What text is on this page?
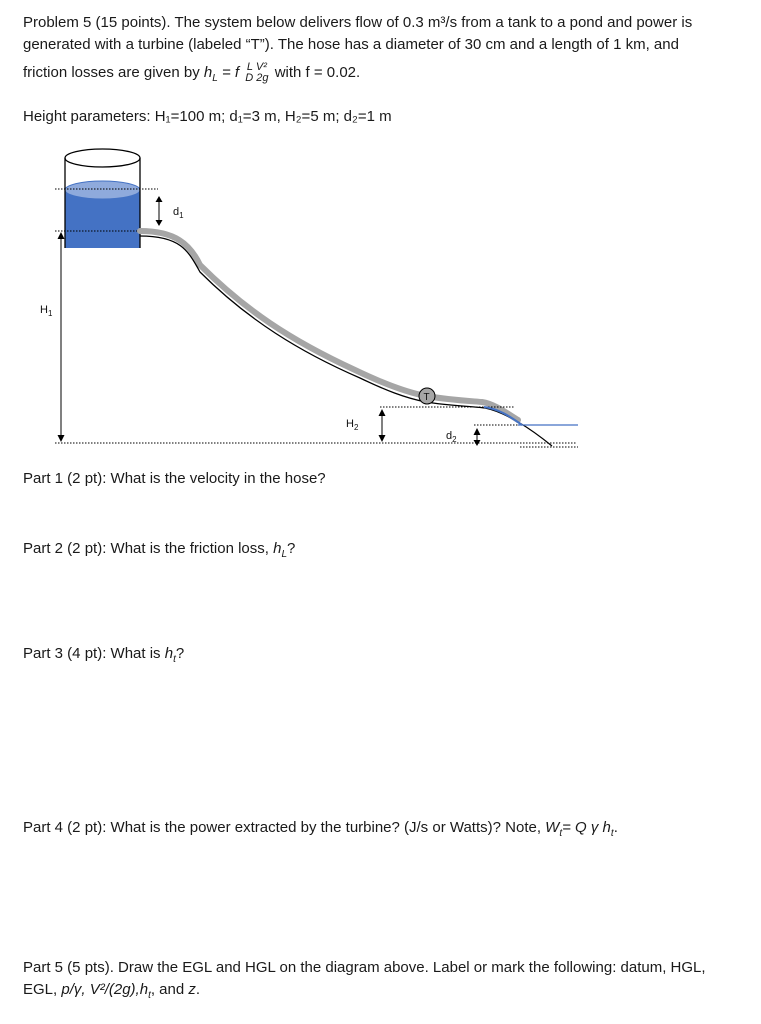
Problem 5 (15 points). The system below delivers flow of 0.3 m³/s from a tank to a pond and power is generated with a turbine (labeled “T”). The hose has a diameter of 30 cm and a length of 1 km, and
friction losses are given by $h_L = f$ L V²
D 2g with f = 0.02.
Height parameters: H₁=100 m; d₁=3 m, H₂=5 m; d₂=1 m
$d_1$
$H_1$
T
$H_2$
$d_2$
Part 1 (2 pt): What is the velocity in the hose?
Part 2 (2 pt): What is the friction loss, $h_L$?
Part 3 (4 pt): What is $h_t$?
Part 4 (2 pt): What is the power extracted by the turbine? (J/s or Watts)? Note, $W_t= Q$ γ $h_t$.
Part 5 (5 pts). Draw the EGL and HGL on the diagram above. Label or mark the following: datum, HGL, EGL, p/γ, $V^2/(2g),h_t$, and z.
